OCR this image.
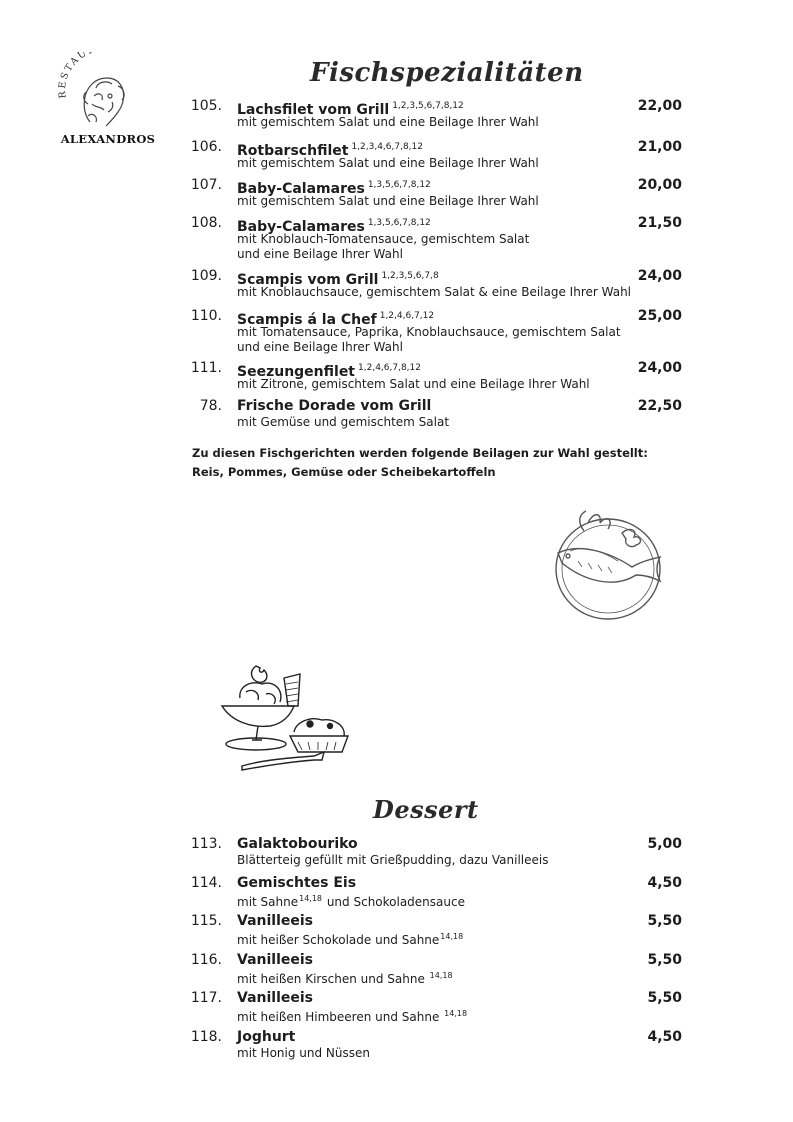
RESTAU
ALEXANDROS
Fischspezialitäten
105. Lachsfilet vom Grill $^{1,2,3,5,6,7,8,12}$
mit gemischtem Salat und eine Beilage Ihrer Wahl
22,00
106. Rotbarschfilet $^{1,2,3,4,6,7,8,12}$
mit gemischtem Salat und eine Beilage Ihrer Wahl
21,00
107. Baby-Calamares $^{1,3,5,6,7,8,12}$
mit gemischtem Salat und eine Beilage Ihrer Wahl
20,00
108. Baby-Calamares $^{1,3,5,6,7,8,12}$
mit Knoblauch-Tomatensauce, gemischtem Salat
und eine Beilage Ihrer Wahl
21,50
109. Scampis vom Grill $^{1,2,3,5,6,7,8}$
mit Knoblauchsauce, gemischtem Salat & eine Beilage Ihrer Wahl
24,00
110. Scampis á la Chef $^{1,2,4,6,7,12}$
mit Tomatensauce, Paprika, Knoblauchsauce, gemischtem Salat
und eine Beilage Ihrer Wahl
25,00
111. Seezungenfilet $^{1,2,4,6,7,8,12}$
mit Zitrone, gemischtem Salat und eine Beilage Ihrer Wahl
24,00
78. Frische Dorade vom Grill
mit Gemüse und gemischtem Salat
22,50
Zu diesen Fischgerichten werden folgende Beilagen zur Wahl gestellt:
Reis, Pommes, Gemüse oder Scheibekartoffeln
Dessert
113. Galaktobouriko
Blätterteig gefüllt mit Grießpudding, dazu Vanilleeis
5,00
114. Gemischtes Eis
mit Sahne$^{14,18}$ und Schokoladensauce
4,50
115. Vanilleeis
mit heißer Schokolade und Sahne$^{14,18}$
5,50
116. Vanilleeis
mit heißen Kirschen und Sahne $^{14,18}$
5,50
117. Vanilleeis
mit heißen Himbeeren und Sahne $^{14,18}$
5,50
118. Joghurt
mit Honig und Nüssen
4,50
